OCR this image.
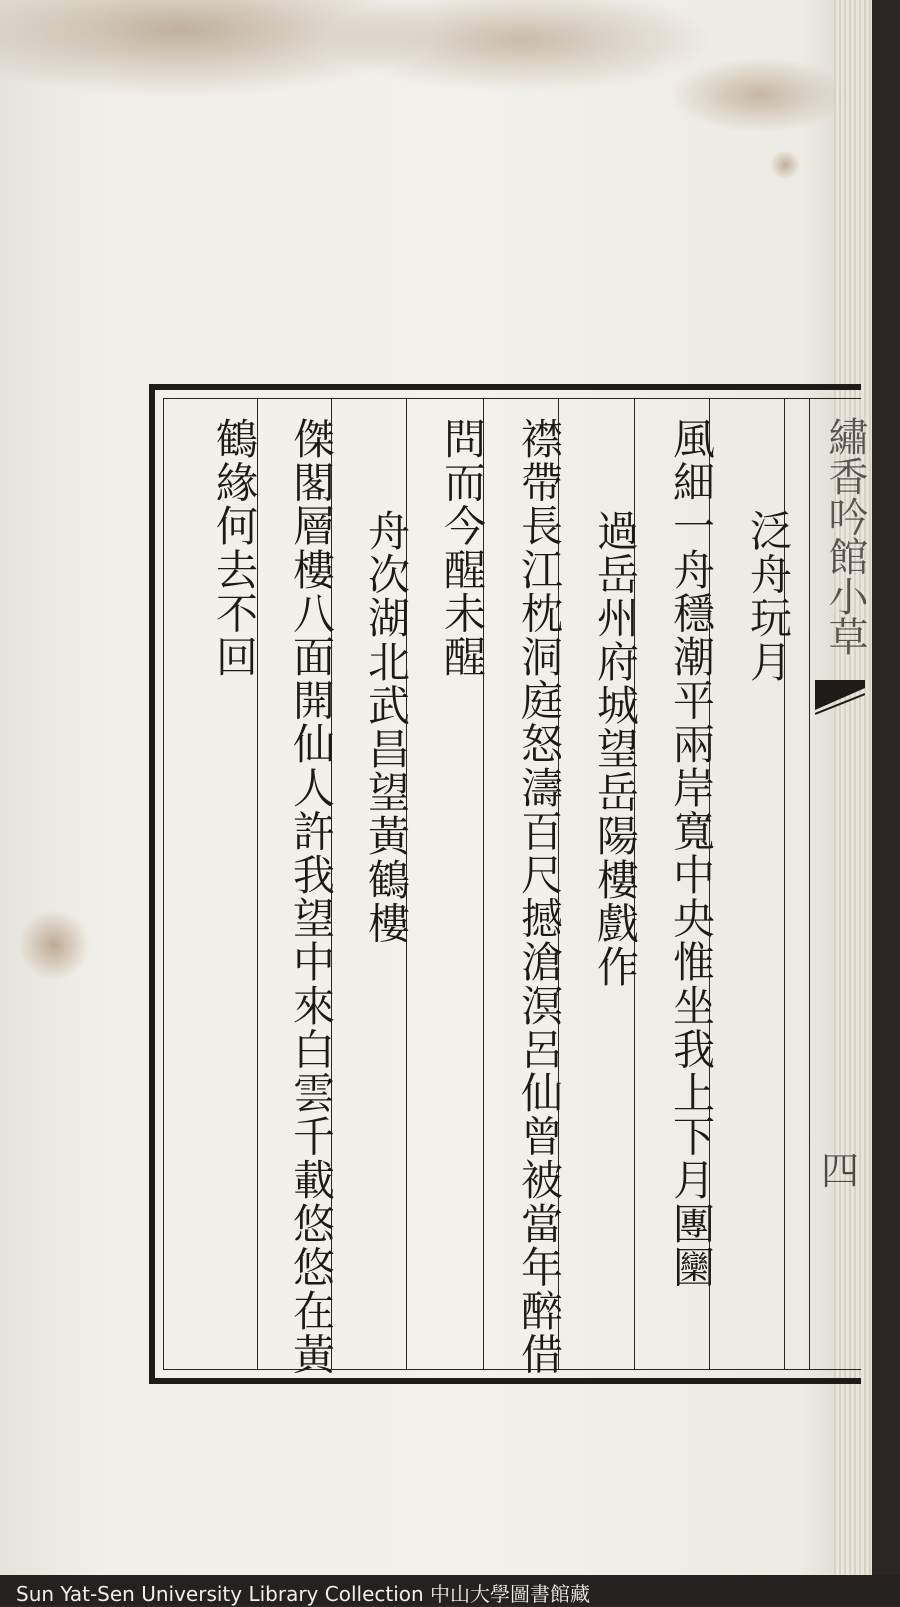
泛舟玩月
風細一舟穩潮平兩岸寬中央惟坐我上下月團圞
過岳州府城望岳陽樓戲作
襟帶長江枕洞庭怒濤百尺撼滄溟呂仙曾被當年醉借
問而今醒未醒
舟次湖北武昌望黃鶴樓
傑閣層樓八面開仙人許我望中來白雲千載悠悠在黃
鶴緣何去不回	繡香吟館小草
四
Sun Yat-Sen University Library Collection 中山大學圖書館藏
